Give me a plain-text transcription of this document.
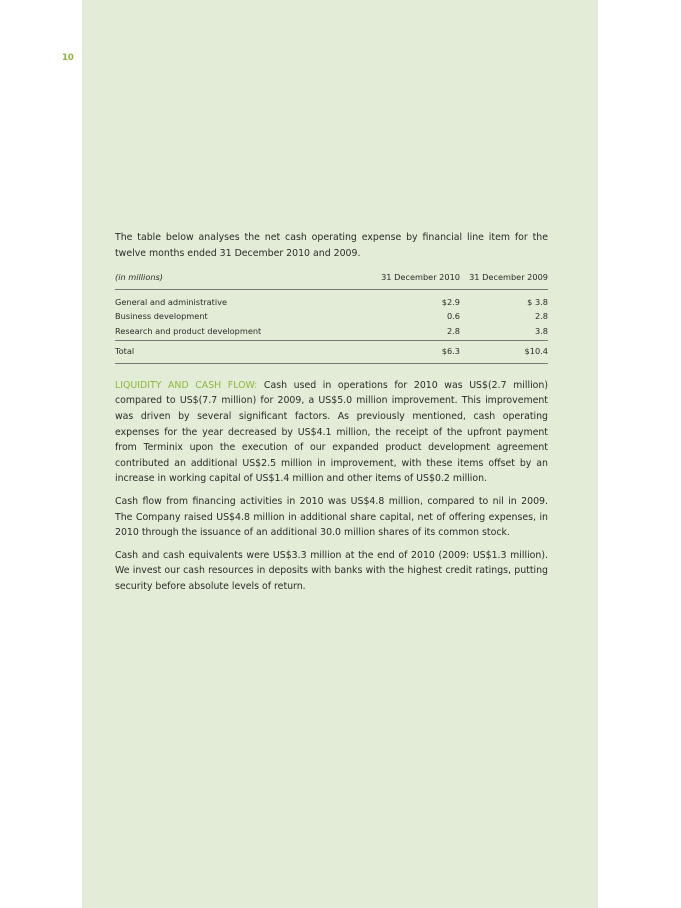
10

The table below analyses the net cash operating expense by financial line item for the twelve months ended 31 December 2010 and 2009.

(in millions)	31 December 2010	31 December 2009
General and administrative	$2.9	$ 3.8
Business development	0.6	2.8
Research and product development	2.8	3.8
Total	$6.3	$10.4

LIQUIDITY AND CASH FLOW: Cash used in operations for 2010 was US$(2.7 million) compared to US$(7.7 million) for 2009, a US$5.0 million improvement. This improvement was driven by several significant factors. As previously mentioned, cash operating expenses for the year decreased by US$4.1 million, the receipt of the upfront payment from Terminix upon the execution of our expanded product development agreement contributed an additional US$2.5 million in improvement, with these items offset by an increase in working capital of US$1.4 million and other items of US$0.2 million.

Cash flow from financing activities in 2010 was US$4.8 million, compared to nil in 2009. The Company raised US$4.8 million in additional share capital, net of offering expenses, in 2010 through the issuance of an additional 30.0 million shares of its common stock.

Cash and cash equivalents were US$3.3 million at the end of 2010 (2009: US$1.3 million). We invest our cash resources in deposits with banks with the highest credit ratings, putting security before absolute levels of return.
